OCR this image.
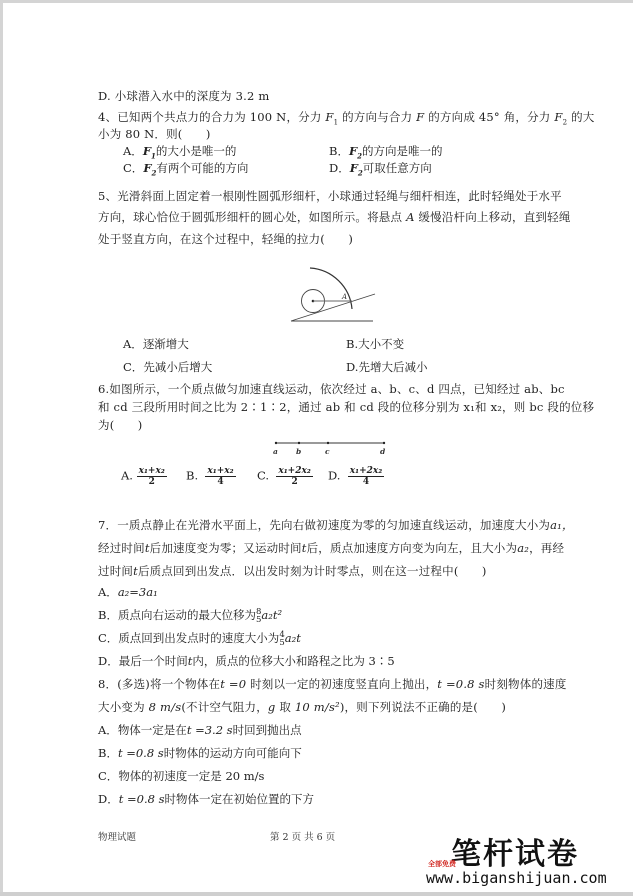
D. 小球潜入水中的深度为 3.2 m
4、已知两个共点力的合力为 100 N，分力 $F_1$ 的方向与合力 F 的方向成 45° 角，分力 $F_2$ 的大
小为 80 N．则(　　)
A．$F_1$的大小是唯一的	B．$F_2$的方向是唯一的
C．$F_2$有两个可能的方向	D．$F_2$可取任意方向
5、光滑斜面上固定着一根刚性圆弧形细杆，小球通过轻绳与细杆相连，此时轻绳处于水平
方向，球心恰位于圆弧形细杆的圆心处，如图所示。将悬点 A 缓慢沿杆向上移动，直到轻绳
处于竖直方向，在这个过程中，轻绳的拉力(　　)
A
A．逐渐增大	B.大小不变
C．先减小后增大	D.先增大后减小
6.如图所示，一个质点做匀加速直线运动，依次经过 a、b、c、d 四点，已知经过 ab、bc
和 cd 三段所用时间之比为 2∶1∶2，通过 ab 和 cd 段的位移分别为 x₁和 x₂，则 bc 段的位移
为(　　)
a b	c	d
A. $\frac{\text{x₁+x₂}}{2} B$. $\frac{\text{x₁+x₂}}{4} C$. $\frac{\text{x₁+2x₂}}{2} D$. $\frac{\text{x₁+2x₂}}{4}$
7．一质点静止在光滑水平面上，先向右做初速度为零的匀加速直线运动，加速度大小为a₁，
经过时间t后加速度变为零；又运动时间t后，质点加速度方向变为向左，且大小为a₂，再经
过时间t后质点回到出发点．以出发时刻为计时零点，则在这一过程中(　　)
A．a₂=3a₁
B．质点向右运动的最大位移为 8
5 a₂t²
C．质点回到出发点时的速度大小为 4
5 a₂t
D．最后一个时间t内，质点的位移大小和路程之比为 3∶5
8．(多选)将一个物体在t =0 时刻以一定的初速度竖直向上抛出，t =0.8 s时刻物体的速度
大小变为 8 m/s(不计空气阻力，g 取 10 m/s²)，则下列说法不正确的是(　　)
A．物体一定是在t =3.2 s时回到抛出点
B．t =0.8 s时物体的运动方向可能向下
C．物体的初速度一定是 20 m/s
D．t =0.8 s时物体一定在初始位置的下方
物理试题	第 2 页 共 6 页	笔杆试卷
全部免费
www.biganshijuan.com
